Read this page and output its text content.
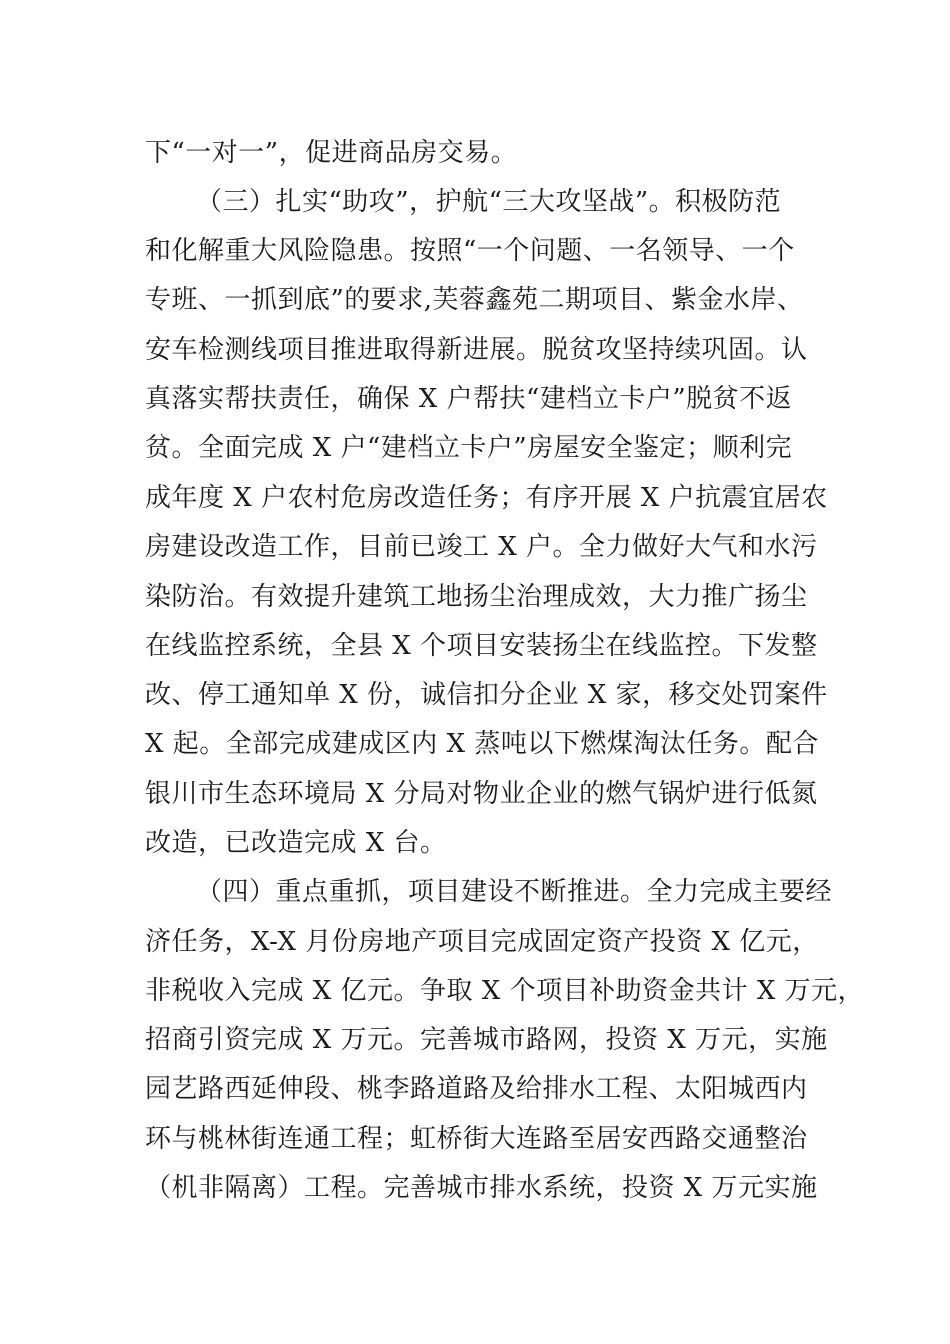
下“一对一”，促进商品房交易。
（三）扎实“助攻”，护航“三大攻坚战”。积极防范
和化解重大风险隐患。按照“一个问题、一名领导、一个
专班、一抓到底”的要求,芙蓉鑫苑二期项目、紫金水岸、
安车检测线项目推进取得新进展。脱贫攻坚持续巩固。认
真落实帮扶责任，确保 X 户帮扶“建档立卡户”脱贫不返
贫。全面完成 X 户“建档立卡户”房屋安全鉴定；顺利完
成年度 X 户农村危房改造任务；有序开展 X 户抗震宜居农
房建设改造工作，目前已竣工 X 户。全力做好大气和水污
染防治。有效提升建筑工地扬尘治理成效，大力推广扬尘
在线监控系统，全县 X 个项目安装扬尘在线监控。下发整
改、停工通知单 X 份，诚信扣分企业 X 家，移交处罚案件
X 起。全部完成建成区内 X 蒸吨以下燃煤淘汰任务。配合
银川市生态环境局 X 分局对物业企业的燃气锅炉进行低氮
改造，已改造完成 X 台。
（四）重点重抓，项目建设不断推进。全力完成主要经
济任务，X-X 月份房地产项目完成固定资产投资 X 亿元，
非税收入完成 X 亿元。争取 X 个项目补助资金共计 X 万元，
招商引资完成 X 万元。完善城市路网，投资 X 万元，实施
园艺路西延伸段、桃李路道路及给排水工程、太阳城西内
环与桃林街连通工程；虹桥街大连路至居安西路交通整治
（机非隔离）工程。完善城市排水系统，投资 X 万元实施
